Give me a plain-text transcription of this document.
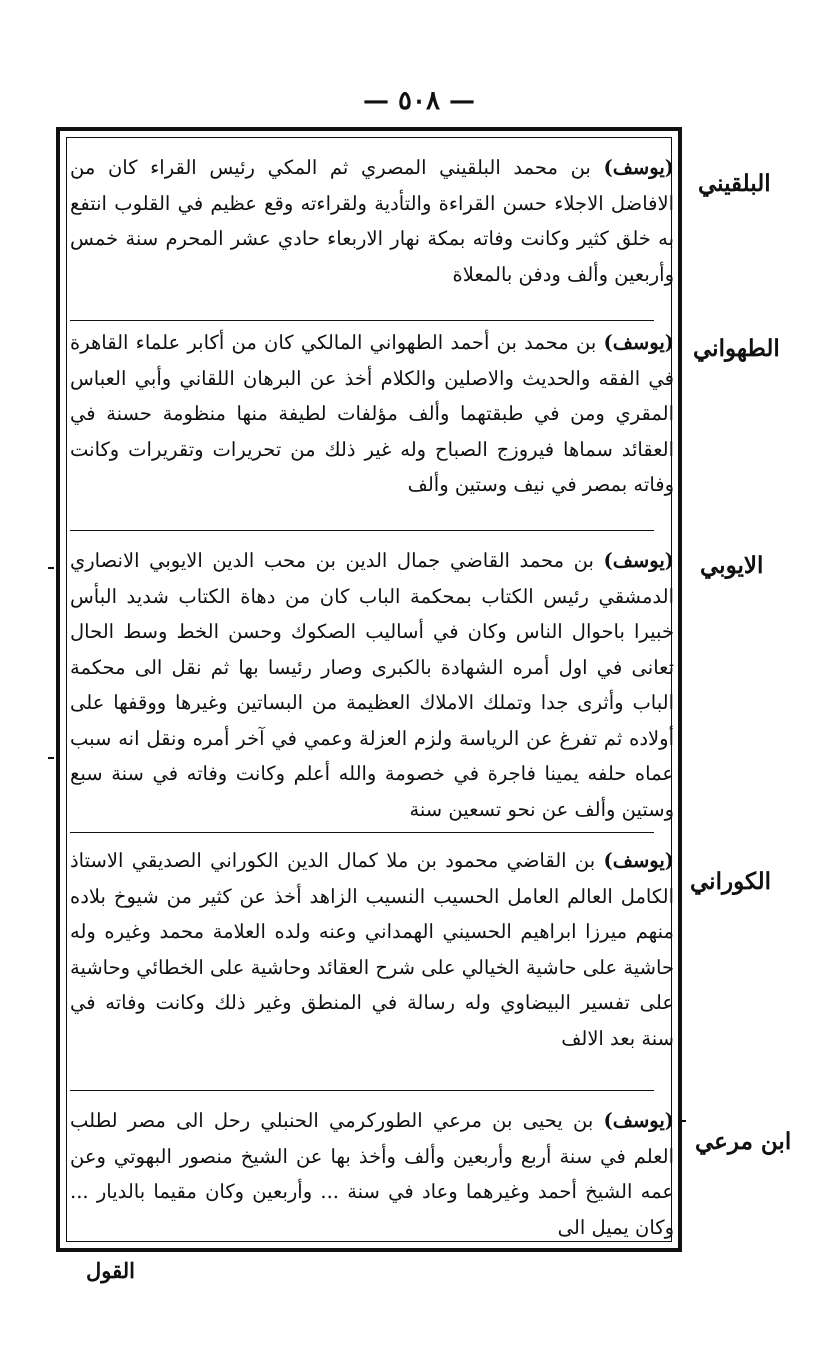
— ٥٠٨ —
البلقيني
(يوسف) بن محمد البلقيني المصري ثم المكي رئيس القراء كان من الافاضل الاجلاء حسن القراءة والتأدية ولقراءته وقع عظيم في القلوب انتفع به خلق كثير وكانت وفاته بمكة نهار الاربعاء حادي عشر المحرم سنة خمس وأربعين وألف ودفن بالمعلاة
الطهواني
(يوسف) بن محمد بن أحمد الطهواني المالكي كان من أكابر علماء القاهرة في الفقه والحديث والاصلين والكلام أخذ عن البرهان اللقاني وأبي العباس المقري ومن في طبقتهما وألف مؤلفات لطيفة منها منظومة حسنة في العقائد سماها فيروزج الصباح وله غير ذلك من تحريرات وتقريرات وكانت وفاته بمصر في نيف وستين وألف
الايوبي
(يوسف) بن محمد القاضي جمال الدين بن محب الدين الايوبي الانصاري الدمشقي رئيس الكتاب بمحكمة الباب كان من دهاة الكتاب شديد البأس خبيرا باحوال الناس وكان في أساليب الصكوك وحسن الخط وسط الحال تعانى في اول أمره الشهادة بالكبرى وصار رئيسا بها ثم نقل الى محكمة الباب وأثرى جدا وتملك الاملاك العظيمة من البساتين وغيرها ووقفها على أولاده ثم تفرغ عن الرياسة ولزم العزلة وعمي في آخر أمره ونقل انه سبب عماه حلفه يمينا فاجرة في خصومة والله أعلم وكانت وفاته في سنة سبع وستين وألف عن نحو تسعين سنة
الكوراني
(يوسف) بن القاضي محمود بن ملا كمال الدين الكوراني الصديقي الاستاذ الكامل العالم العامل الحسيب النسيب الزاهد أخذ عن كثير من شيوخ بلاده منهم ميرزا ابراهيم الحسيني الهمداني وعنه ولده العلامة محمد وغيره وله حاشية على حاشية الخيالي على شرح العقائد وحاشية على الخطائي وحاشية على تفسير البيضاوي وله رسالة في المنطق وغير ذلك وكانت وفاته في سنة بعد الالف
ابن مرعي
(يوسف) بن يحيى بن مرعي الطوركرمي الحنبلي رحل الى مصر لطلب العلم في سنة أربع وأربعين وألف وأخذ بها عن الشيخ منصور البهوتي وعن عمه الشيخ أحمد وغيرهما وعاد في سنة ... وأربعين وكان مقيما بالديار ... وكان يميل الى
القول
